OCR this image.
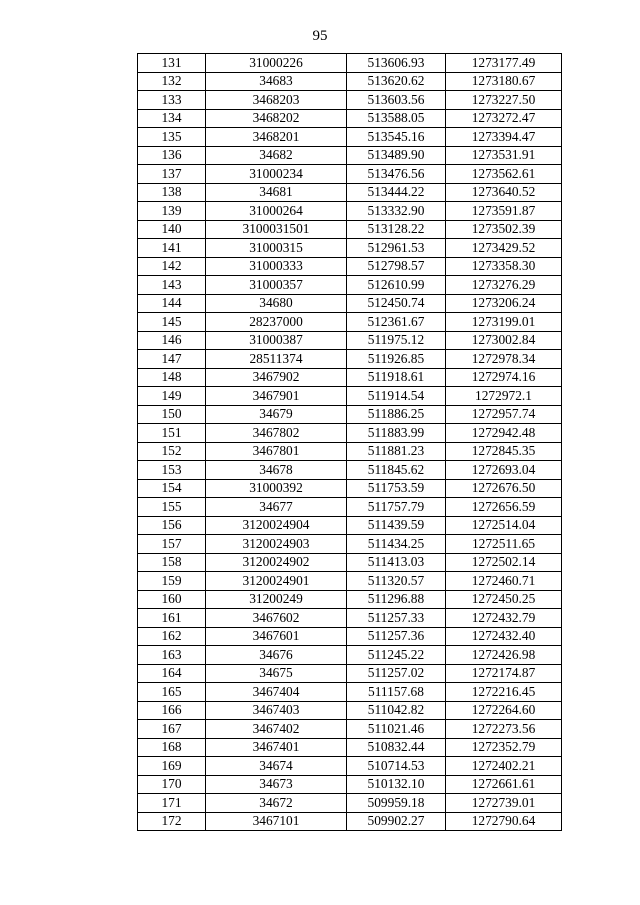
95
131	31000226	513606.93	1273177.49
132	34683	513620.62	1273180.67
133	3468203	513603.56	1273227.50
134	3468202	513588.05	1273272.47
135	3468201	513545.16	1273394.47
136	34682	513489.90	1273531.91
137	31000234	513476.56	1273562.61
138	34681	513444.22	1273640.52
139	31000264	513332.90	1273591.87
140	3100031501	513128.22	1273502.39
141	31000315	512961.53	1273429.52
142	31000333	512798.57	1273358.30
143	31000357	512610.99	1273276.29
144	34680	512450.74	1273206.24
145	28237000	512361.67	1273199.01
146	31000387	511975.12	1273002.84
147	28511374	511926.85	1272978.34
148	3467902	511918.61	1272974.16
149	3467901	511914.54	1272972.1
150	34679	511886.25	1272957.74
151	3467802	511883.99	1272942.48
152	3467801	511881.23	1272845.35
153	34678	511845.62	1272693.04
154	31000392	511753.59	1272676.50
155	34677	511757.79	1272656.59
156	3120024904	511439.59	1272514.04
157	3120024903	511434.25	1272511.65
158	3120024902	511413.03	1272502.14
159	3120024901	511320.57	1272460.71
160	31200249	511296.88	1272450.25
161	3467602	511257.33	1272432.79
162	3467601	511257.36	1272432.40
163	34676	511245.22	1272426.98
164	34675	511257.02	1272174.87
165	3467404	511157.68	1272216.45
166	3467403	511042.82	1272264.60
167	3467402	511021.46	1272273.56
168	3467401	510832.44	1272352.79
169	34674	510714.53	1272402.21
170	34673	510132.10	1272661.61
171	34672	509959.18	1272739.01
172	3467101	509902.27	1272790.64
